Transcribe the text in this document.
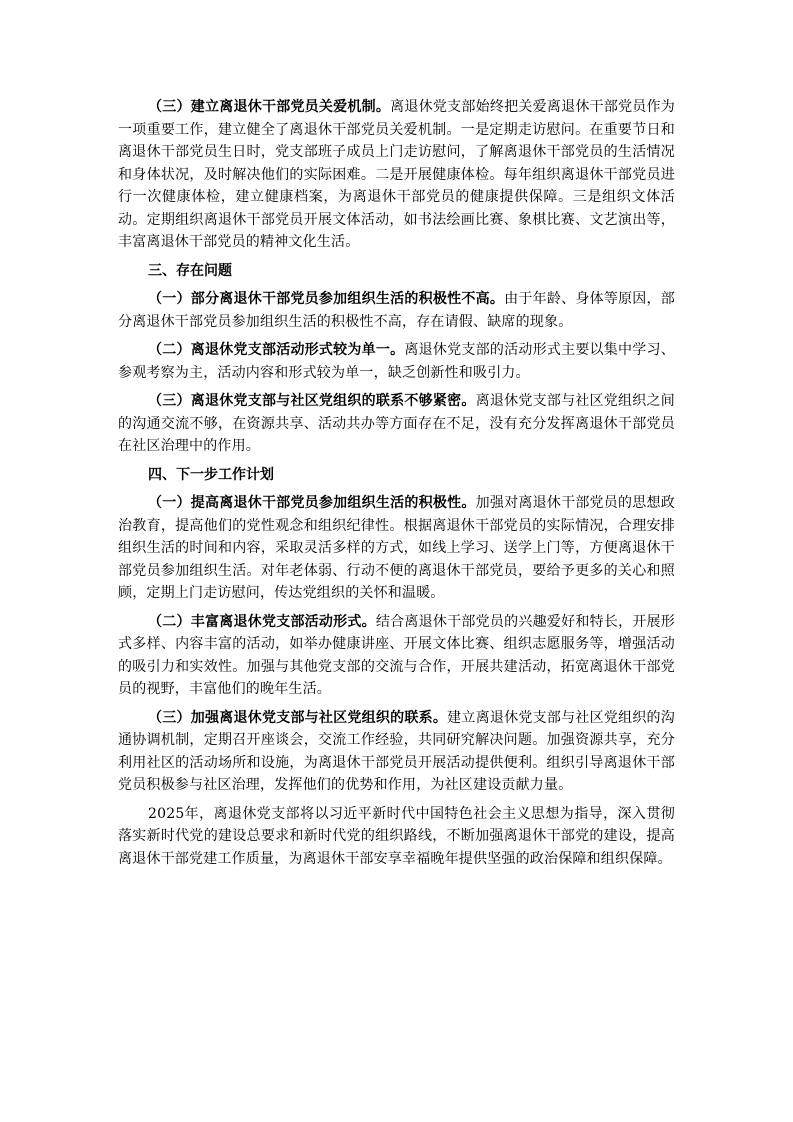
（三）建立离退休干部党员关爱机制。离退休党支部始终把关爱离退休干部党员作为一项重要工作，建立健全了离退休干部党员关爱机制。一是定期走访慰问。在重要节日和离退休干部党员生日时，党支部班子成员上门走访慰问，了解离退休干部党员的生活情况和身体状况，及时解决他们的实际困难。二是开展健康体检。每年组织离退休干部党员进行一次健康体检，建立健康档案，为离退休干部党员的健康提供保障。三是组织文体活动。定期组织离退休干部党员开展文体活动，如书法绘画比赛、象棋比赛、文艺演出等，丰富离退休干部党员的精神文化生活。

三、存在问题

（一）部分离退休干部党员参加组织生活的积极性不高。由于年龄、身体等原因，部分离退休干部党员参加组织生活的积极性不高，存在请假、缺席的现象。

（二）离退休党支部活动形式较为单一。离退休党支部的活动形式主要以集中学习、参观考察为主，活动内容和形式较为单一，缺乏创新性和吸引力。

（三）离退休党支部与社区党组织的联系不够紧密。离退休党支部与社区党组织之间的沟通交流不够，在资源共享、活动共办等方面存在不足，没有充分发挥离退休干部党员在社区治理中的作用。

四、下一步工作计划

（一）提高离退休干部党员参加组织生活的积极性。加强对离退休干部党员的思想政治教育，提高他们的党性观念和组织纪律性。根据离退休干部党员的实际情况，合理安排组织生活的时间和内容，采取灵活多样的方式，如线上学习、送学上门等，方便离退休干部党员参加组织生活。对年老体弱、行动不便的离退休干部党员，要给予更多的关心和照顾，定期上门走访慰问，传达党组织的关怀和温暖。

（二）丰富离退休党支部活动形式。结合离退休干部党员的兴趣爱好和特长，开展形式多样、内容丰富的活动，如举办健康讲座、开展文体比赛、组织志愿服务等，增强活动的吸引力和实效性。加强与其他党支部的交流与合作，开展共建活动，拓宽离退休干部党员的视野，丰富他们的晚年生活。

（三）加强离退休党支部与社区党组织的联系。建立离退休党支部与社区党组织的沟通协调机制，定期召开座谈会，交流工作经验，共同研究解决问题。加强资源共享，充分利用社区的活动场所和设施，为离退休干部党员开展活动提供便利。组织引导离退休干部党员积极参与社区治理，发挥他们的优势和作用，为社区建设贡献力量。

2025年，离退休党支部将以习近平新时代中国特色社会主义思想为指导，深入贯彻落实新时代党的建设总要求和新时代党的组织路线，不断加强离退休干部党的建设，提高离退休干部党建工作质量，为离退休干部安享幸福晚年提供坚强的政治保障和组织保障。
